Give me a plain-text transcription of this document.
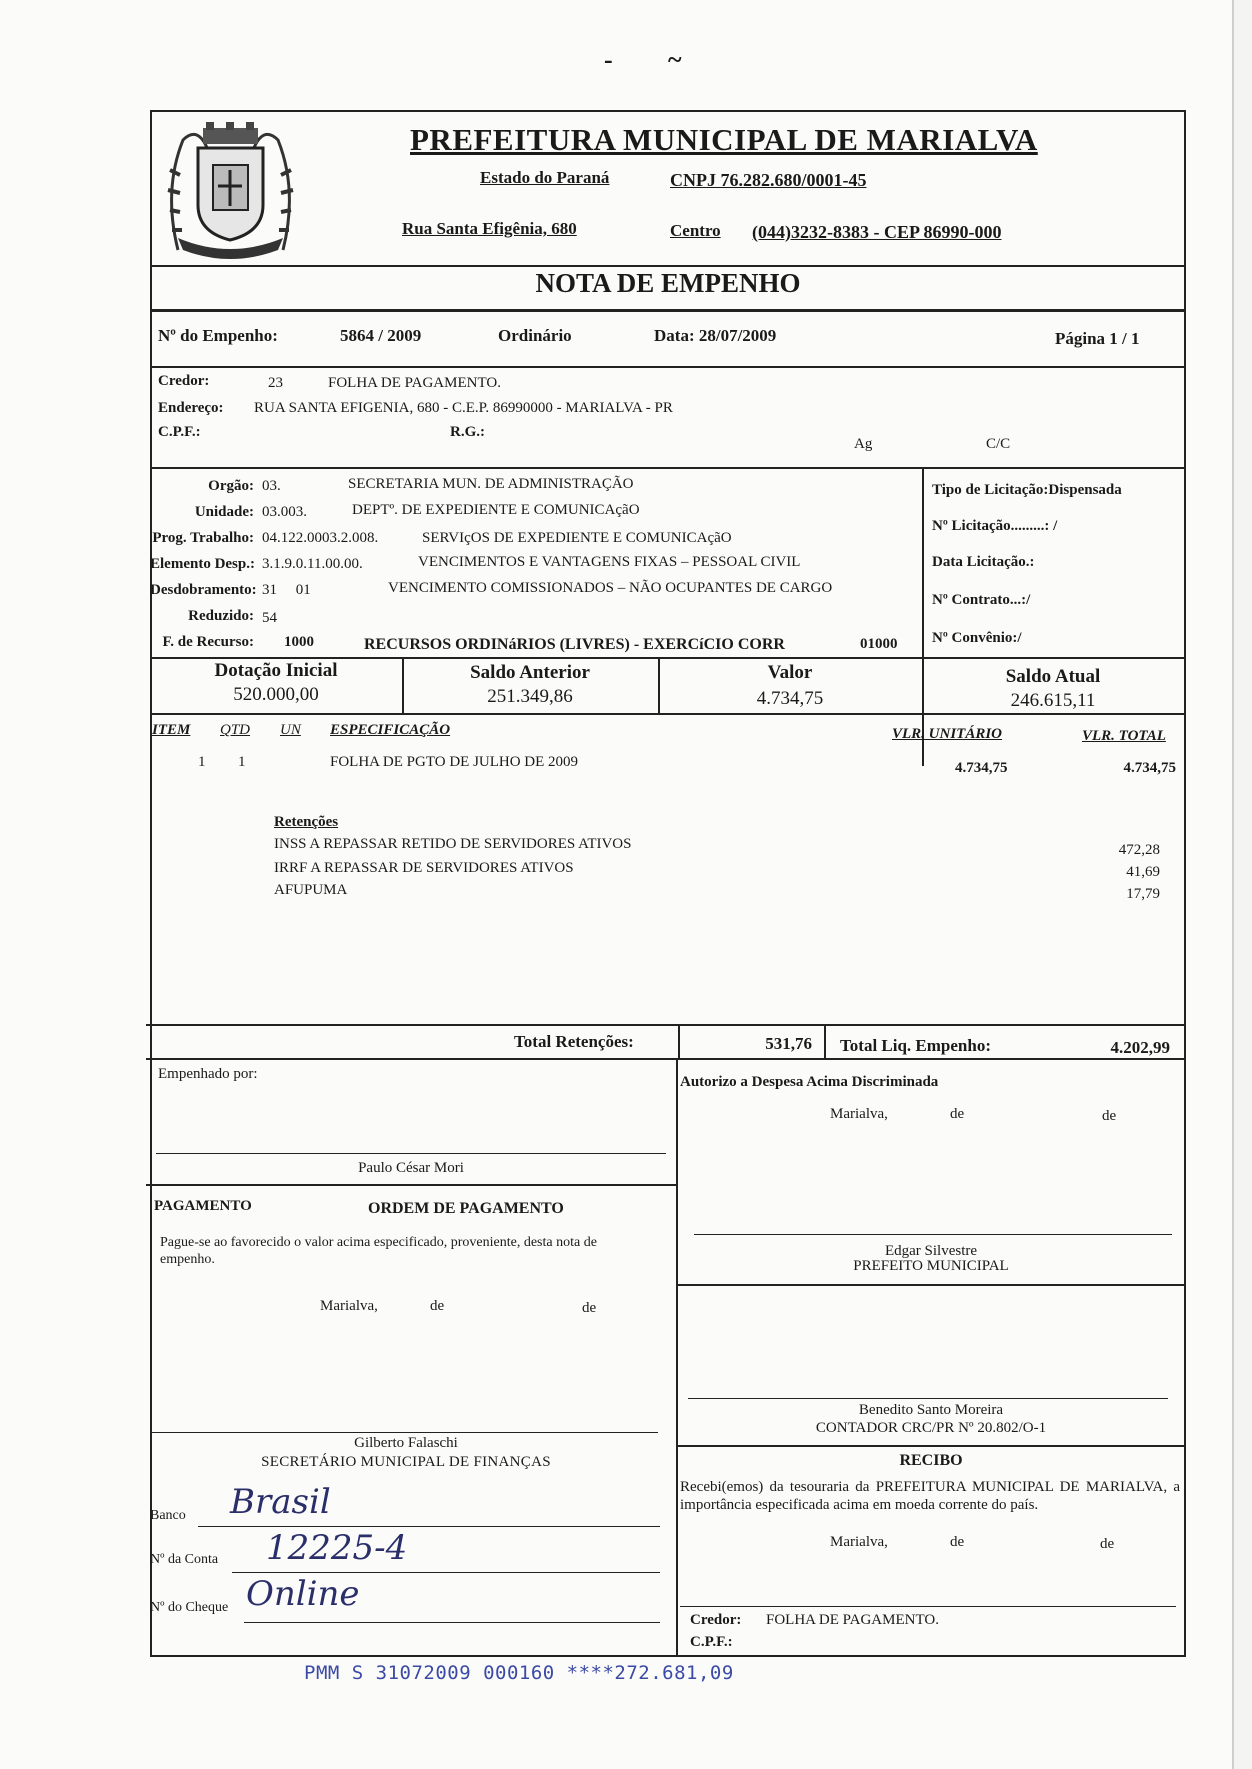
- ~
PREFEITURA MUNICIPAL DE MARIALVA
Estado do Paraná	CNPJ 76.282.680/0001-45
Rua Santa Efigênia, 680	Centro (044)3232-8383 - CEP 86990-000
NOTA DE EMPENHO
Nº do Empenho:	5864 / 2009	Ordinário	Data: 28/07/2009	Página 1 / 1
Credor:	23	FOLHA DE PAGAMENTO.
Endereço: RUA SANTA EFIGENIA, 680 - C.E.P. 86990000 - MARIALVA - PR
C.P.F.:	R.G.:
Ag	C/C
Orgão: 03.	SECRETARIA MUN. DE ADMINISTRAÇÃO
Unidade: 03.003.	DEPTº. DE EXPEDIENTE E COMUNICAçãO
Prog. Trabalho: 04.122.0003.2.008.	SERVIçOS DE EXPEDIENTE E COMUNICAçãO
Elemento Desp.: 3.1.9.0.11.00.00.	VENCIMENTOS E VANTAGENS FIXAS – PESSOAL CIVIL
Desdobramento: 31     01	VENCIMENTO COMISSIONADOS – NÃO OCUPANTES DE CARGO
Reduzido: 54
F. de Recurso: 1000	RECURSOS ORDINáRIOS (LIVRES) - EXERCíCIO CORR	01000
Tipo de Licitação:Dispensada
Nº Licitação.........: /
Data Licitação.:
Nº Contrato...:/
Nº Convênio:/
Dotação Inicial
520.000,00
Saldo Anterior
251.349,86
Valor
4.734,75
Saldo Atual
246.615,11
ITEM QTD UN ESPECIFICAÇÃO	VLR. UNITÁRIO	VLR. TOTAL
1 1	FOLHA DE PGTO DE JULHO DE 2009	4.734,75	4.734,75
Retenções
INSS A REPASSAR RETIDO DE SERVIDORES ATIVOS	472,28
IRRF A REPASSAR DE SERVIDORES ATIVOS	41,69
AFUPUMA	17,79
Total Retenções:	531,76 Total Liq. Empenho:	4.202,99
Empenhado por:
Paulo César Mori
Autorizo a Despesa Acima Discriminada
Marialva,	de	de
Edgar Silvestre
PREFEITO MUNICIPAL
PAGAMENTO	ORDEM DE PAGAMENTO
Pague-se ao favorecido o valor acima especificado, proveniente, desta nota de empenho.
Marialva,	de	de
Gilberto Falaschi
SECRETÁRIO MUNICIPAL DE FINANÇAS
Benedito Santo Moreira
CONTADOR CRC/PR Nº 20.802/O-1
Banco Brasil
Nº da Conta 12225-4
Nº do Cheque Online
RECIBO
Recebi(emos) da tesouraria da PREFEITURA MUNICIPAL DE MARIALVA, a importância especificada acima em moeda corrente do país.
Marialva,	de	de
Credor: FOLHA DE PAGAMENTO.
C.P.F.:
PMM S 31072009 000160 ****272.681,09
